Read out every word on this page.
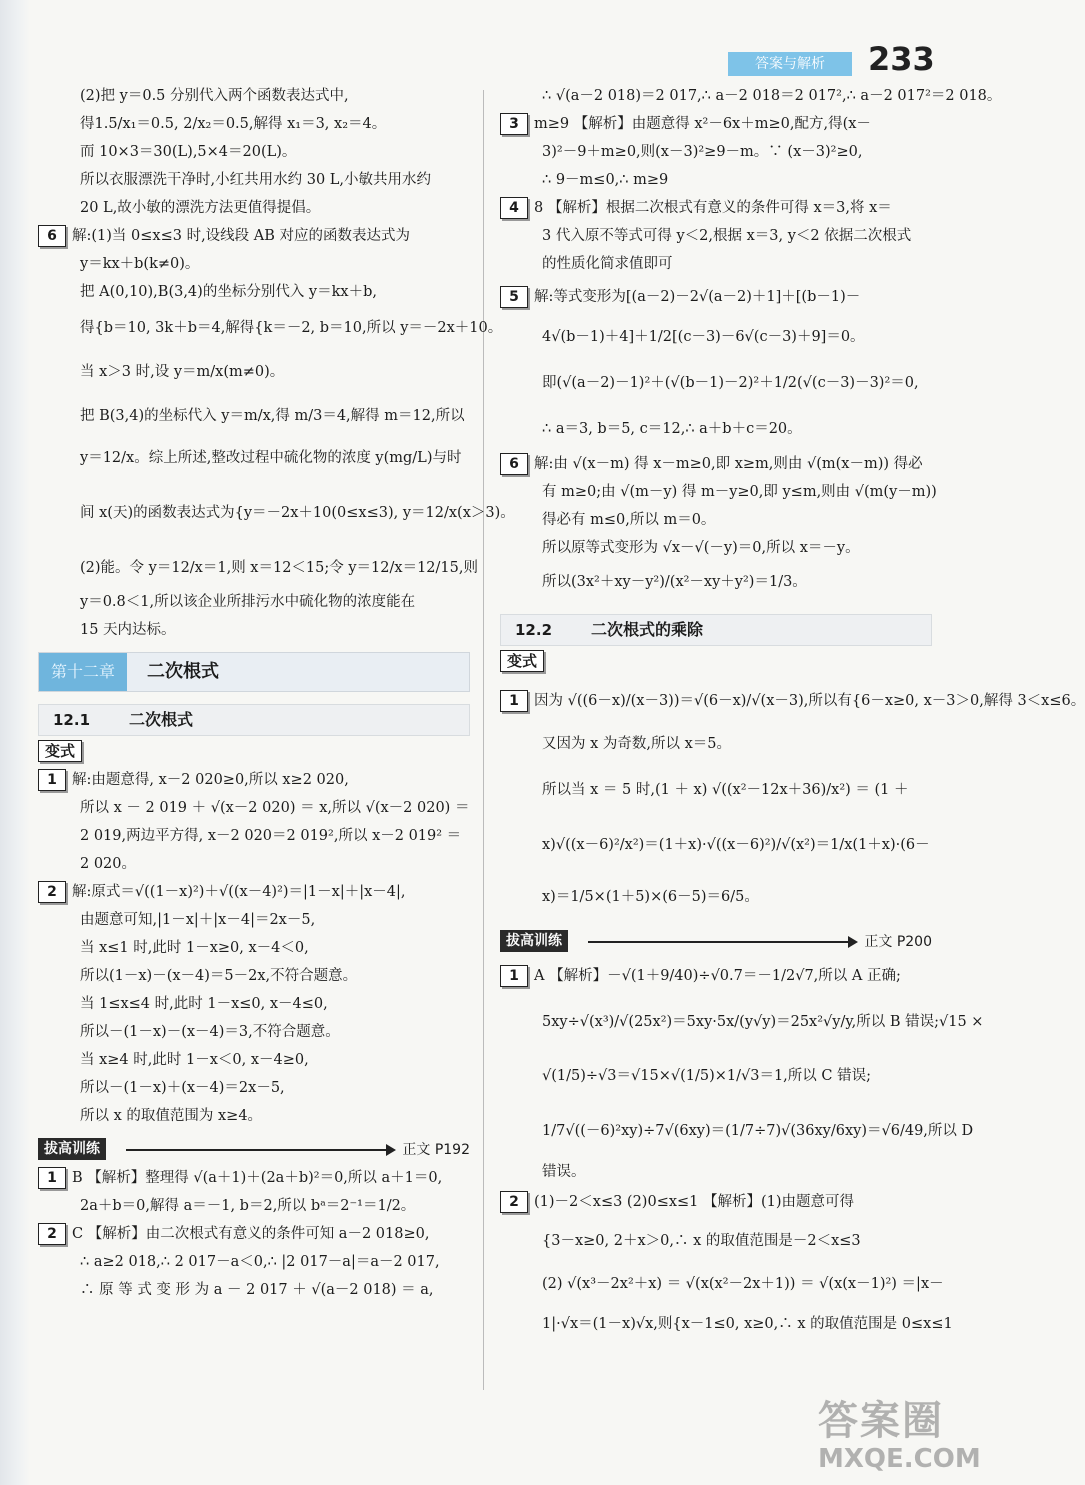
答案与解析	233
(2)把 y＝0.5 分别代入两个函数表达式中,
得1.5/x₁＝0.5, 2/x₂＝0.5,解得 x₁＝3, x₂＝4。
而 10×3＝30(L),5×4＝20(L)。
所以衣服漂洗干净时,小红共用水约 30 L,小敏共用水约
20 L,故小敏的漂洗方法更值得提倡。
6 解:(1)当 0≤x≤3 时,设线段 AB 对应的函数表达式为
y＝kx＋b(k≠0)。
把 A(0,10),B(3,4)的坐标分别代入 y＝kx＋b,
得{b＝10, 3k＋b＝4,解得{k＝－2, b＝10,所以 y＝－2x＋10。
当 x＞3 时,设 y＝m/x(m≠0)。
把 B(3,4)的坐标代入 y＝m/x,得 m/3＝4,解得 m＝12,所以
y＝12/x。综上所述,整改过程中硫化物的浓度 y(mg/L)与时
间 x(天)的函数表达式为{y＝－2x＋10(0≤x≤3), y＝12/x(x＞3)。
(2)能。令 y＝12/x＝1,则 x＝12＜15;令 y＝12/x＝12/15,则
y＝0.8＜1,所以该企业所排污水中硫化物的浓度能在
15 天内达标。
第十二章	二次根式
12.1 二次根式
变式
1 解:由题意得, x－2 020≥0,所以 x≥2 020,
所以 x － 2 019 ＋ √(x－2 020) ＝ x,所以 √(x－2 020) ＝
2 019,两边平方得, x－2 020＝2 019²,所以 x－2 019² ＝
2 020。
2 解:原式＝√((1－x)²)＋√((x－4)²)＝|1－x|＋|x－4|,
由题意可知,|1－x|＋|x－4|＝2x－5,
当 x≤1 时,此时 1－x≥0, x－4＜0,
所以(1－x)－(x－4)＝5－2x,不符合题意。
当 1≤x≤4 时,此时 1－x≤0, x－4≤0,
所以－(1－x)－(x－4)＝3,不符合题意。
当 x≥4 时,此时 1－x＜0, x－4≥0,
所以－(1－x)＋(x－4)＝2x－5,
所以 x 的取值范围为 x≥4。
拔高训练	正文 P192
1 B 【解析】整理得 √(a＋1)＋(2a＋b)²＝0,所以 a＋1＝0,
2a＋b＝0,解得 a＝－1, b＝2,所以 bᵃ＝2⁻¹＝1/2。
2 C 【解析】由二次根式有意义的条件可知 a－2 018≥0,
∴ a≥2 018,∴ 2 017－a＜0,∴ |2 017－a|＝a－2 017,
∴ 原 等 式 变 形 为 a － 2 017 ＋ √(a－2 018) ＝ a,
∴ √(a－2 018)＝2 017,∴ a－2 018＝2 017²,∴ a－2 017²＝2 018。
3 m≥9 【解析】由题意得 x²－6x＋m≥0,配方,得(x－
3)²－9＋m≥0,则(x－3)²≥9－m。∵ (x－3)²≥0,
∴ 9－m≤0,∴ m≥9
4 8 【解析】根据二次根式有意义的条件可得 x＝3,将 x＝
3 代入原不等式可得 y＜2,根据 x＝3, y＜2 依据二次根式
的性质化简求值即可
5 解:等式变形为[(a－2)－2√(a－2)＋1]＋[(b－1)－
4√(b－1)＋4]＋1/2[(c－3)－6√(c－3)＋9]＝0。
即(√(a－2)－1)²＋(√(b－1)－2)²＋1/2(√(c－3)－3)²＝0,
∴ a＝3, b＝5, c＝12,∴ a＋b＋c＝20。
6 解:由 √(x－m) 得 x－m≥0,即 x≥m,则由 √(m(x－m)) 得必
有 m≥0;由 √(m－y) 得 m－y≥0,即 y≤m,则由 √(m(y－m))
得必有 m≤0,所以 m＝0。
所以原等式变形为 √x－√(－y)＝0,所以 x＝－y。
所以(3x²＋xy－y²)/(x²－xy＋y²)＝1/3。
12.2 二次根式的乘除
变式
1 因为 √((6－x)/(x－3))＝√(6－x)/√(x－3),所以有{6－x≥0, x－3＞0,解得 3＜x≤6。
又因为 x 为奇数,所以 x＝5。
所以当 x ＝ 5 时,(1 ＋ x) √((x²－12x＋36)/x²) ＝ (1 ＋
x)√((x－6)²/x²)＝(1＋x)·√((x－6)²)/√(x²)＝1/x(1＋x)·(6－
x)＝1/5×(1＋5)×(6－5)＝6/5。
拔高训练	正文 P200
1 A 【解析】－√(1＋9/40)÷√0.7＝－1/2√7,所以 A 正确;
5xy÷√(x³)/√(25x²)＝5xy·5x/(y√y)＝25x²√y/y,所以 B 错误;√15 ×
√(1/5)÷√3＝√15×√(1/5)×1/√3＝1,所以 C 错误;
1/7√((－6)²xy)÷7√(6xy)＝(1/7÷7)√(36xy/6xy)＝√6/49,所以 D
错误。
2 (1)－2＜x≤3 (2)0≤x≤1 【解析】(1)由题意可得
{3－x≥0, 2＋x＞0,∴ x 的取值范围是－2＜x≤3
(2) √(x³－2x²＋x) ＝ √(x(x²－2x＋1)) ＝ √(x(x－1)²) ＝|x－
1|·√x＝(1－x)√x,则{x－1≤0, x≥0,∴ x 的取值范围是 0≤x≤1
答案圈
MXQE.COM
